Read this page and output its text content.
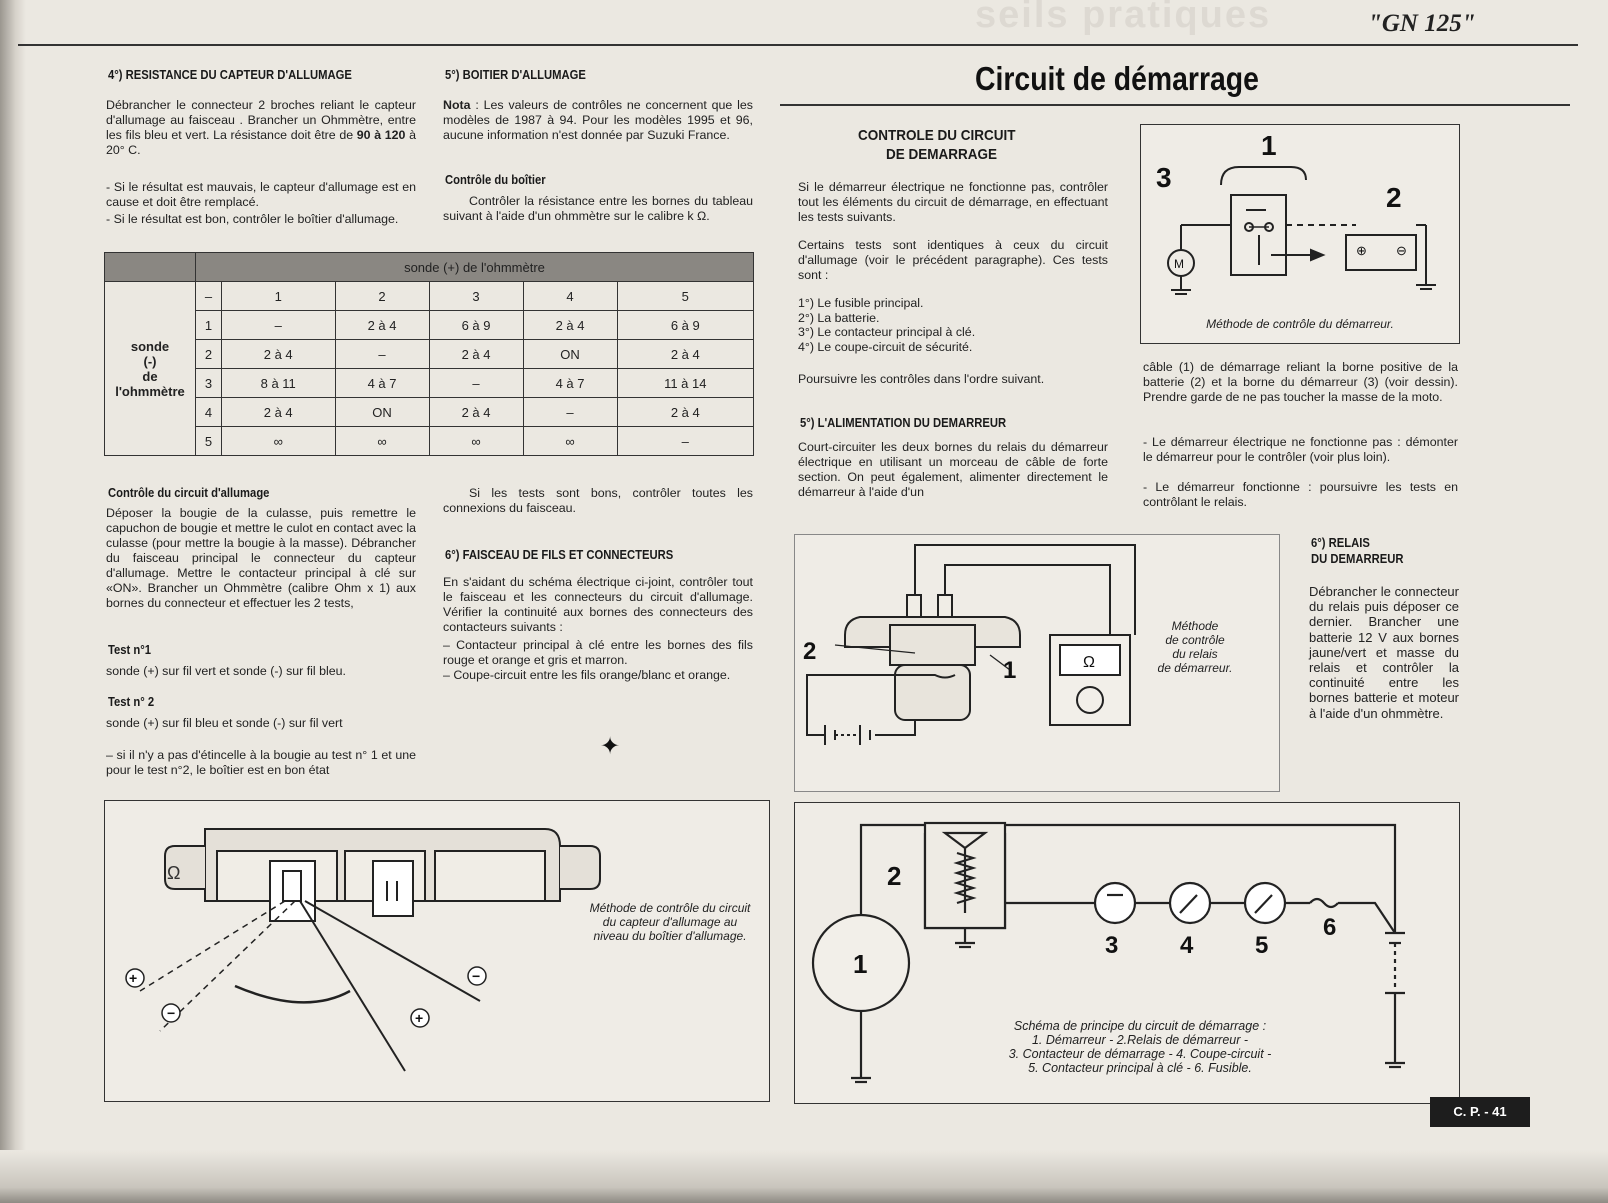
seils pratiques	"GN 125"
4°) RESISTANCE DU CAPTEUR D'ALLUMAGE
Débrancher le connecteur 2 broches reliant le capteur d'allumage au faisceau . Brancher un Ohmmètre, entre les fils bleu et vert. La résistance doit être de 90 à 120 à 20° C.
- Si le résultat est mauvais, le capteur d'allumage est en cause et doit être remplacé.
- Si le résultat est bon, contrôler le boîtier d'allumage.
5°) BOITIER D'ALLUMAGE
Nota : Les valeurs de contrôles ne concernent que les modèles de 1987 à 94. Pour les modèles 1995 et 96, aucune information n'est donnée par Suzuki France.
Contrôle du boîtier
Contrôler la résistance entre les bornes du tableau suivant à l'aide d'un ohmmètre sur le calibre k Ω.
	sonde (+) de l'ohmmètre					

sonde
(-)
de
l'ohmmètre	–	1	2	3	4	5
	1	–	2 à 4	6 à 9	2 à 4	6 à 9
	2	2 à 4	–	2 à 4	ON	2 à 4
	3	8 à 11	4 à 7	–	4 à 7	11 à 14
	4	2 à 4	ON	2 à 4	–	2 à 4
	5	∞	∞	∞	∞	–
Contrôle du circuit d'allumage
Déposer la bougie de la culasse, puis remettre le capuchon de bougie et mettre le culot en contact avec la culasse (pour mettre la bougie à la masse). Débrancher du faisceau principal le connecteur du capteur d'allumage. Mettre le contacteur principal à clé sur «ON». Brancher un Ohmmètre (calibre Ohm x 1) aux bornes du connecteur et effectuer les 2 tests,
Test n°1
sonde (+) sur fil vert et sonde (-) sur fil bleu.
Test n° 2
sonde (+) sur fil bleu et sonde (-) sur fil vert
– si il n'y a pas d'étincelle à la bougie au test n° 1 et une pour le test n°2, le boîtier est en bon état
Si les tests sont bons, contrôler toutes les connexions du faisceau.
6°) FAISCEAU DE FILS ET CONNECTEURS
En s'aidant du schéma électrique ci-joint, contrôler tout le faisceau et les connecteurs du circuit d'allumage. Vérifier la continuité aux bornes des connecteurs des contacteurs suivants :
– Contacteur principal à clé entre les bornes des fils rouge et orange et gris et marron.
– Coupe-circuit entre les fils orange/blanc et orange.
✦
Ω
+
−
−
+
Méthode de contrôle du circuit du capteur d'allumage au niveau du boîtier d'allumage.
Circuit de démarrage
CONTROLE DU CIRCUIT
DE DEMARRAGE
Si le démarreur électrique ne fonctionne pas, contrôler tout les éléments du circuit de démarrage, en effectuant les tests suivants.
Certains tests sont identiques à ceux du circuit d'allumage (voir le précédent paragraphe). Ces tests sont :
1°) Le fusible principal.
2°) La batterie.
3°) Le contacteur principal à clé.
4°) Le coupe-circuit de sécurité.
Poursuivre les contrôles dans l'ordre suivant.
5°) L'ALIMENTATION DU DEMARREUR
Court-circuiter les deux bornes du relais du démarreur électrique en utilisant un morceau de câble de forte section. On peut également, alimenter directement le démarreur à l'aide d'un
M
1
2
3
⊕ ⊖
Méthode de contrôle du démarreur.
câble (1) de démarrage reliant la borne positive de la batterie (2) et la borne du démarreur (3) (voir dessin). Prendre garde de ne pas toucher la masse de la moto.
- Le démarreur électrique ne fonctionne pas : démonter le démarreur pour le contrôler (voir plus loin).
- Le démarreur fonctionne : poursuivre les tests en contrôlant le relais.
Ω
2
1
Méthode
de contrôle
du relais
de démarreur.
6°) RELAIS
DU DEMARREUR
Débrancher le connecteur du relais puis déposer ce dernier. Brancher une batterie 12 V aux bornes jaune/vert et masse du relais et contrôler la continuité entre les bornes batterie et moteur à l'aide d'un ohmmètre.
1
2
3	4	5
6
Schéma de principe du circuit de démarrage :
1. Démarreur - 2.Relais de démarreur -
3. Contacteur de démarrage - 4. Coupe-circuit -
5. Contacteur principal à clé - 6. Fusible.
C. P. - 41
